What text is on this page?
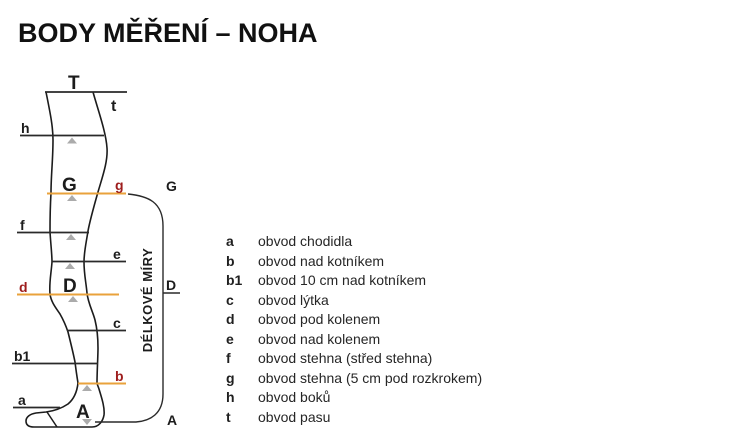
BODY MĚŘENÍ – NOHA
T
t
h
G	g
f
e
D
d
c
b1
b
a
A
G
D
A
DÉLKOVÉ MÍRY
a	obvod chodidla
b	obvod nad kotníkem
b1	obvod 10 cm nad kotníkem
c	obvod lýtka
d	obvod pod kolenem
e	obvod nad kolenem
f	obvod stehna (střed stehna)
g	obvod stehna (5 cm pod rozkrokem)
h	obvod boků
t	obvod pasu
